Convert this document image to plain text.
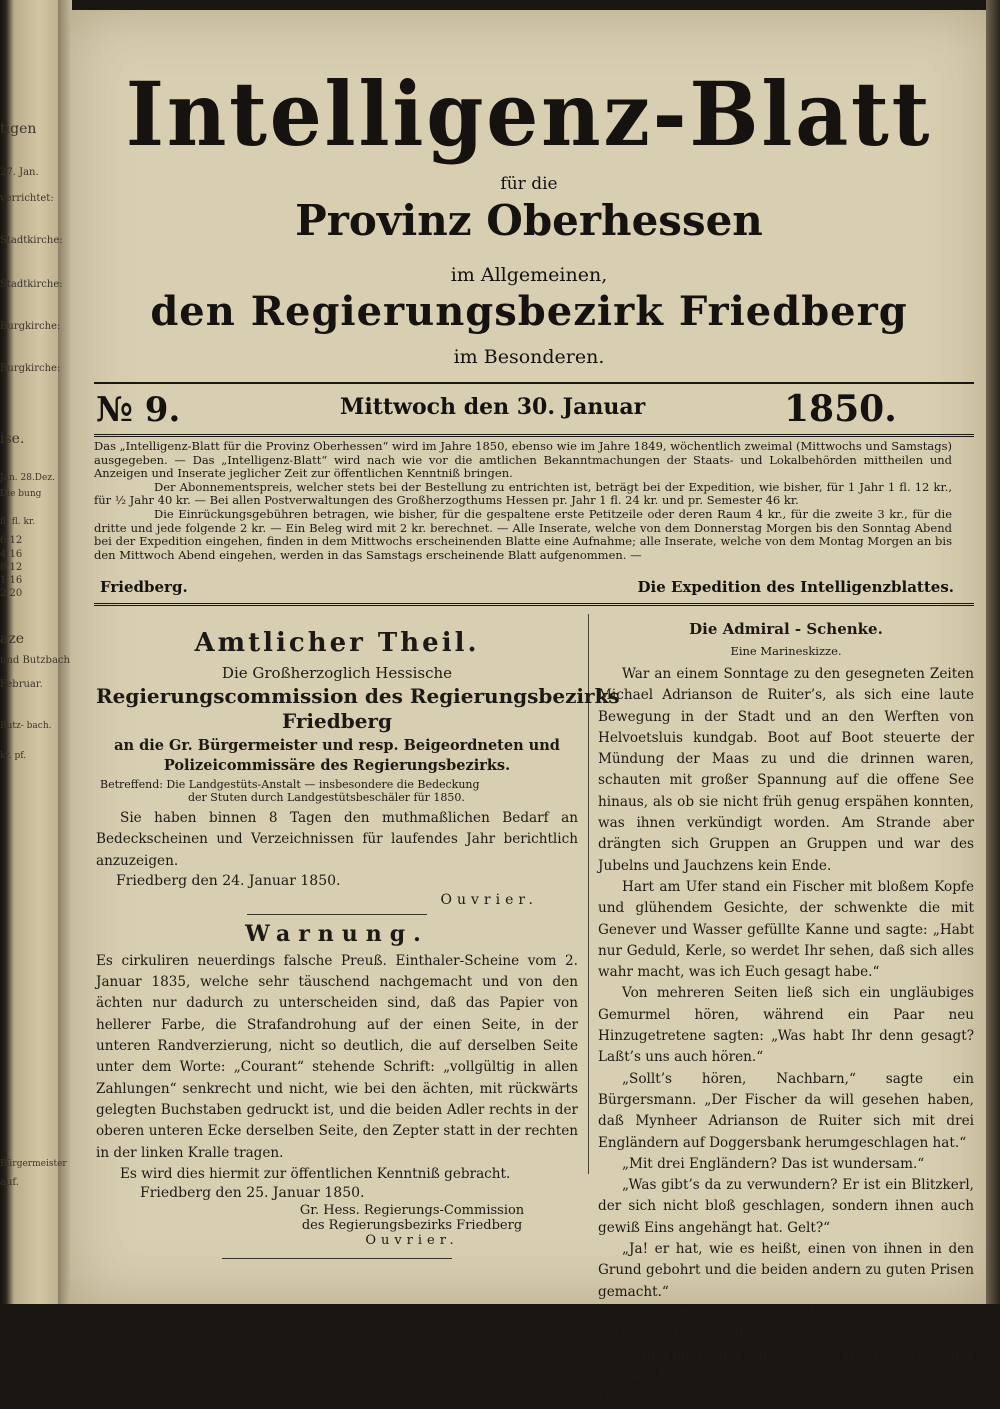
tigen
27. Jan.
verrichtet:
Stadtkirche:
Stadtkirche:
Burgkirche:
Burgkirche:
ise.
Jan. 28.Dez.
Die bung
fl. fl. kr.
6 12
4 16
8 12
1 16
2 20
aze
und Butzbach
Februar.
Butz- bach.
kr. pf.
Bürgermeister
auf.
Intelligenz-Blatt
für die
Provinz Oberhessen
im Allgemeinen,
den Regierungsbezirk Friedberg
im Besonderen.
№ 9.	Mittwoch den 30. Januar	1850.

Das „Intelligenz-Blatt für die Provinz Oberhessen“ wird im Jahre 1850, ebenso wie im Jahre 1849, wöchentlich zweimal (Mittwochs und Samstags) ausgegeben. — Das „Intelligenz-Blatt“ wird nach wie vor die amtlichen Bekanntmachungen der Staats- und Lokalbehörden mittheilen und Anzeigen und Inserate jeglicher Zeit zur öffentlichen Kenntniß bringen.

Der Abonnementspreis, welcher stets bei der Bestellung zu entrichten ist, beträgt bei der Expedition, wie bisher, für 1 Jahr 1 fl. 12 kr., für ½ Jahr 40 kr. — Bei allen Postverwaltungen des Großherzogthums Hessen pr. Jahr 1 fl. 24 kr. und pr. Semester 46 kr.

Die Einrückungsgebühren betragen, wie bisher, für die gespaltene erste Petitzeile oder deren Raum 4 kr., für die zweite 3 kr., für die dritte und jede folgende 2 kr. — Ein Beleg wird mit 2 kr. berechnet. — Alle Inserate, welche von dem Donnerstag Morgen bis den Sonntag Abend bei der Expedition eingehen, finden in dem Mittwochs erscheinenden Blatte eine Aufnahme; alle Inserate, welche von dem Montag Morgen an bis den Mittwoch Abend eingehen, werden in das Samstags erscheinende Blatt aufgenommen. —

Friedberg.	Die Expedition des Intelligenzblattes.
Amtlicher Theil.
Die Großherzoglich Hessische
Regierungscommission des Regierungsbezirks
Friedberg
an die Gr. Bürgermeister und resp. Beigeordneten und
Polizeicommissäre des Regierungsbezirks.
Betreffend: Die Landgestüts-Anstalt — insbesondere die Bedeckung
der Stuten durch Landgestütsbeschäler für 1850.

Sie haben binnen 8 Tagen den muthmaßlichen Bedarf an Bedeckscheinen und Verzeichnissen für laufendes Jahr berichtlich anzuzeigen.

Friedberg den 24. Januar 1850.
Ouvrier.
Warnung.

Es cirkuliren neuerdings falsche Preuß. Einthaler-Scheine vom 2. Januar 1835, welche sehr täuschend nachgemacht und von den ächten nur dadurch zu unterscheiden sind, daß das Papier von hellerer Farbe, die Strafandrohung auf der einen Seite, in der unteren Randverzierung, nicht so deutlich, die auf derselben Seite unter dem Worte: „Courant“ stehende Schrift: „vollgültig in allen Zahlungen“ senkrecht und nicht, wie bei den ächten, mit rückwärts gelegten Buchstaben gedruckt ist, und die beiden Adler rechts in der oberen unteren Ecke derselben Seite, den Zepter statt in der rechten in der linken Kralle tragen.

Es wird dies hiermit zur öffentlichen Kenntniß gebracht.

Friedberg den 25. Januar 1850.
Gr. Hess. Regierungs-Commission
des Regierungsbezirks Friedberg
Ouvrier.
Die Admiral - Schenke.
Eine Marineskizze.

War an einem Sonntage zu den gesegneten Zeiten Michael Adrianson de Ruiter’s, als sich eine laute Bewegung in der Stadt und an den Werften von Helvoetsluis kundgab. Boot auf Boot steuerte der Mündung der Maas zu und die drinnen waren, schauten mit großer Spannung auf die offene See hinaus, als ob sie nicht früh genug erspähen konnten, was ihnen verkündigt worden. Am Strande aber drängten sich Gruppen an Gruppen und war des Jubelns und Jauchzens kein Ende.

Hart am Ufer stand ein Fischer mit bloßem Kopfe und glühendem Gesichte, der schwenkte die mit Genever und Wasser gefüllte Kanne und sagte: „Habt nur Geduld, Kerle, so werdet Ihr sehen, daß sich alles wahr macht, was ich Euch gesagt habe.“

Von mehreren Seiten ließ sich ein ungläubiges Gemurmel hören, während ein Paar neu Hinzugetretene sagten: „Was habt Ihr denn gesagt? Laßt’s uns auch hören.“

„Sollt’s hören, Nachbarn,“ sagte ein Bürgersmann. „Der Fischer da will gesehen haben, daß Mynheer Adrianson de Ruiter sich mit drei Engländern auf Doggersbank herumgeschlagen hat.“

„Mit drei Engländern? Das ist wundersam.“

„Was gibt’s da zu verwundern? Er ist ein Blitzkerl, der sich nicht bloß geschlagen, sondern ihnen auch gewiß Eins angehängt hat. Gelt?“

„Ja! er hat, wie es heißt, einen von ihnen in den Grund gebohrt und die beiden andern zu guten Prisen gemacht.“

„Oho! Drei auf einmal? Das ist mehr, als ein ehrlicher Mann glauben darf.“

„Willst mich zum Lügner machen?“ rief erbost der Fischer dem Letztern zu. „Kannst es nicht glauben? Da
